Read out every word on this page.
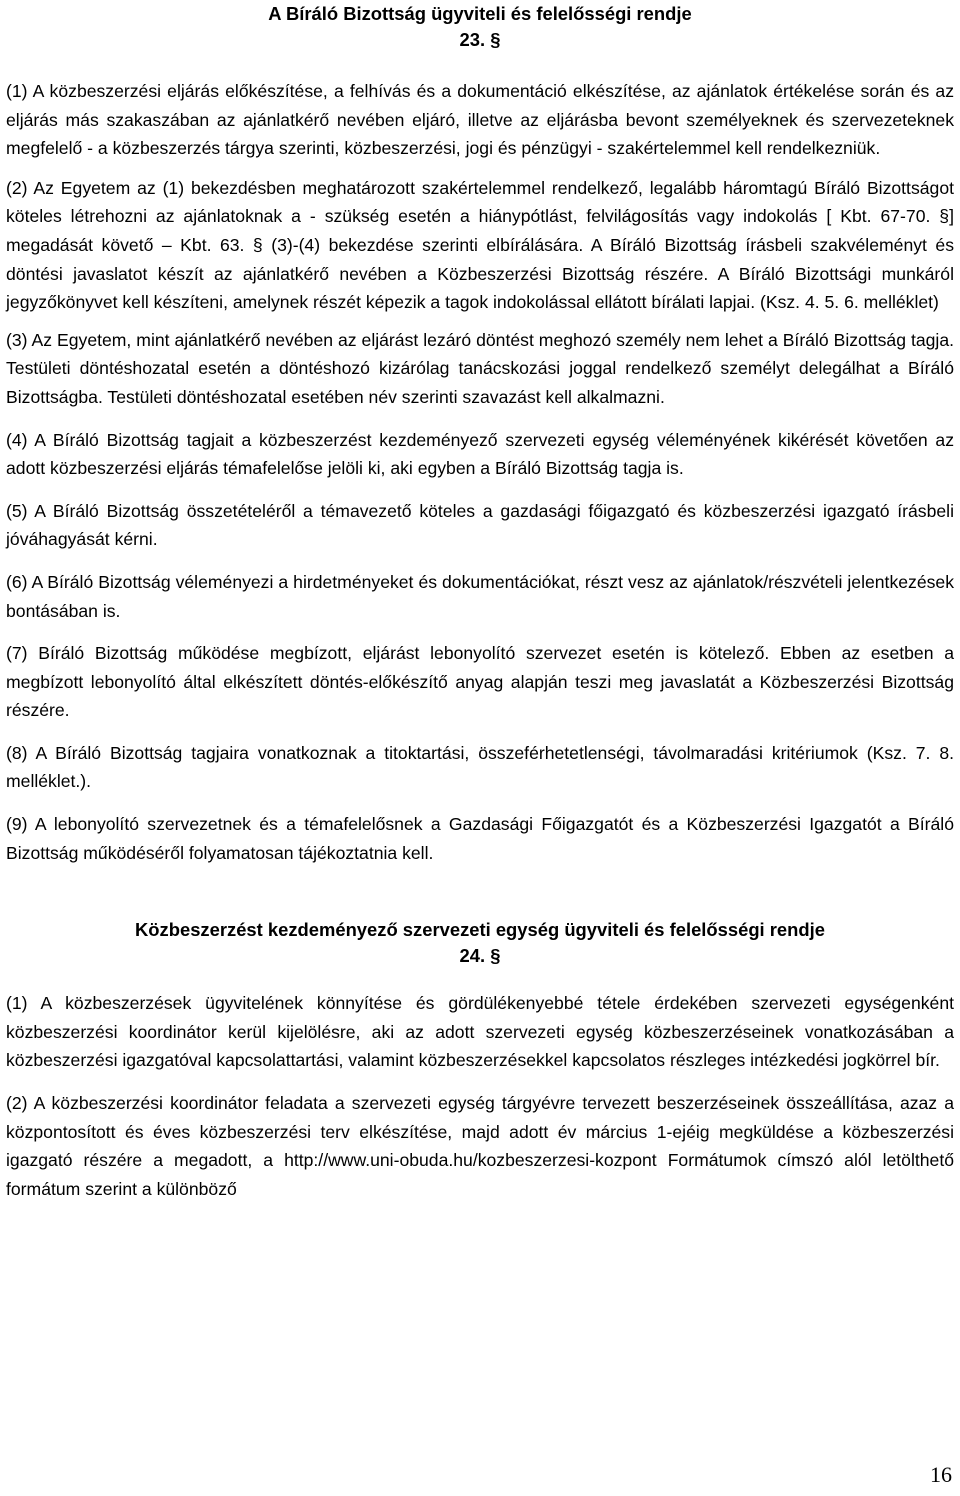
A Bíráló Bizottság ügyviteli és felelősségi rendje
23. §

(1) A közbeszerzési eljárás előkészítése, a felhívás és a dokumentáció elkészítése, az ajánlatok értékelése során és az eljárás más szakaszában az ajánlatkérő nevében eljáró, illetve az eljárásba bevont személyeknek és szervezeteknek megfelelő - a közbeszerzés tárgya szerinti, közbeszerzési, jogi és pénzügyi - szakértelemmel kell rendelkezniük.

(2) Az Egyetem az (1) bekezdésben meghatározott szakértelemmel rendelkező, legalább háromtagú Bíráló Bizottságot köteles létrehozni az ajánlatoknak a - szükség esetén a hiánypótlást, felvilágosítás vagy indokolás [ Kbt. 67-70. §] megadását követő – Kbt. 63. § (3)-(4) bekezdése szerinti elbírálására. A Bíráló Bizottság írásbeli szakvéleményt és döntési javaslatot készít az ajánlatkérő nevében a Közbeszerzési Bizottság részére. A Bíráló Bizottsági munkáról jegyzőkönyvet kell készíteni, amelynek részét képezik a tagok indokolással ellátott bírálati lapjai. (Ksz. 4. 5. 6. melléklet)

(3) Az Egyetem, mint ajánlatkérő nevében az eljárást lezáró döntést meghozó személy nem lehet a Bíráló Bizottság tagja. Testületi döntéshozatal esetén a döntéshozó kizárólag tanácskozási joggal rendelkező személyt delegálhat a Bíráló Bizottságba. Testületi döntéshozatal esetében név szerinti szavazást kell alkalmazni.

(4) A Bíráló Bizottság tagjait a közbeszerzést kezdeményező szervezeti egység véleményének kikérését követően az adott közbeszerzési eljárás témafelelőse jelöli ki, aki egyben a Bíráló Bizottság tagja is.

(5) A Bíráló Bizottság összetételéről a témavezető köteles a gazdasági főigazgató és közbeszerzési igazgató írásbeli jóváhagyását kérni.

(6) A Bíráló Bizottság véleményezi a hirdetményeket és dokumentációkat, részt vesz az ajánlatok/részvételi jelentkezések bontásában is.

(7) Bíráló Bizottság működése megbízott, eljárást lebonyolító szervezet esetén is kötelező. Ebben az esetben a megbízott lebonyolító által elkészített döntés-előkészítő anyag alapján teszi meg javaslatát a Közbeszerzési Bizottság részére.

(8) A Bíráló Bizottság tagjaira vonatkoznak a titoktartási, összeférhetetlenségi, távolmaradási kritériumok (Ksz. 7. 8. melléklet.).

(9) A lebonyolító szervezetnek és a témafelelősnek a Gazdasági Főigazgatót és a Közbeszerzési Igazgatót a Bíráló Bizottság működéséről folyamatosan tájékoztatnia kell.

Közbeszerzést kezdeményező szervezeti egység ügyviteli és felelősségi rendje
24. §

(1) A közbeszerzések ügyvitelének könnyítése és gördülékenyebbé tétele érdekében szervezeti egységenként közbeszerzési koordinátor kerül kijelölésre, aki az adott szervezeti egység közbeszerzéseinek vonatkozásában a közbeszerzési igazgatóval kapcsolattartási, valamint közbeszerzésekkel kapcsolatos részleges intézkedési jogkörrel bír.

(2) A közbeszerzési koordinátor feladata a szervezeti egység tárgyévre tervezett beszerzéseinek összeállítása, azaz a központosított és éves közbeszerzési terv elkészítése, majd adott év március 1-ejéig megküldése a közbeszerzési igazgató részére a megadott, a http://www.uni-obuda.hu/kozbeszerzesi-kozpont Formátumok címszó alól letölthető formátum szerint a különböző

16
